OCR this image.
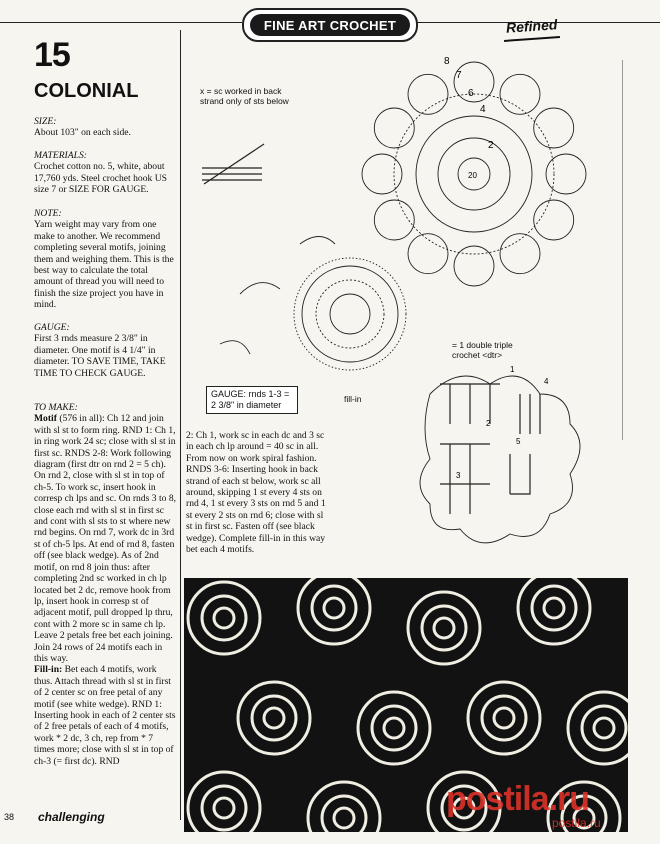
FINE ART CROCHET	Refined
15
COLONIAL

SIZE:

About 103" on each side.

MATERIALS:

Crochet cotton no. 5, white, about 17,760 yds. Steel crochet hook US size 7 or SIZE FOR GAUGE.

NOTE:

Yarn weight may vary from one make to another. We recommend completing several motifs, joining them and weighing them. This is the best way to calculate the total amount of thread you will need to finish the size project you have in mind.

GAUGE:

First 3 rnds measure 2 3/8" in diameter. One motif is 4 1/4" in diameter. TO SAVE TIME, TAKE TIME TO CHECK GAUGE.

TO MAKE:

Motif (576 in all): Ch 12 and join with sl st to form ring. RND 1: Ch 1, in ring work 24 sc; close with sl st in first sc. RNDS 2-8: Work following diagram (first dtr on rnd 2 = 5 ch). On rnd 2, close with sl st in top of ch-5. To work sc, insert hook in corresp ch lps and sc. On rnds 3 to 8, close each rnd with sl st in first sc and cont with sl sts to st where new rnd begins. On rnd 7, work dc in 3rd st of ch-5 lps. At end of rnd 8, fasten off (see black wedge). As of 2nd motif, on rnd 8 join thus: after completing 2nd sc worked in ch lp located bet 2 dc, remove hook from lp, insert hook in corresp st of adjacent motif, pull dropped lp thru, cont with 2 more sc in same ch lp. Leave 2 petals free bet each joining. Join 24 rows of 24 motifs each in this way.

Fill-in: Bet each 4 motifs, work thus. Attach thread with sl st in first of 2 center sc on free petal of any motif (see white wedge). RND 1: Inserting hook in each of 2 center sts of 2 free petals of each of 4 motifs, work * 2 dc, 3 ch, rep from * 7 times more; close with sl st in top of ch-3 (= first dc). RND

2: Ch 1, work sc in each dc and 3 sc in each ch lp around = 40 sc in all. From now on work spiral fashion. RNDS 3-6: Inserting hook in back strand of each st below, work sc all around, skipping 1 st every 4 sts on rnd 4, 1 st every 3 sts on rnd 5 and 1 st every 2 sts on rnd 6; close with sl st in first sc. Fasten off (see black wedge). Complete fill-in in this way bet each 4 motifs.
8
7
6
4
2
20
1
2
3
4
5
x = sc worked in back strand only of sts below
= 1 double triple crochet <dtr>
GAUGE: rnds 1-3 = 2 3/8" in diameter
fill-in
38 challenging	postila.ru
postila.ru
